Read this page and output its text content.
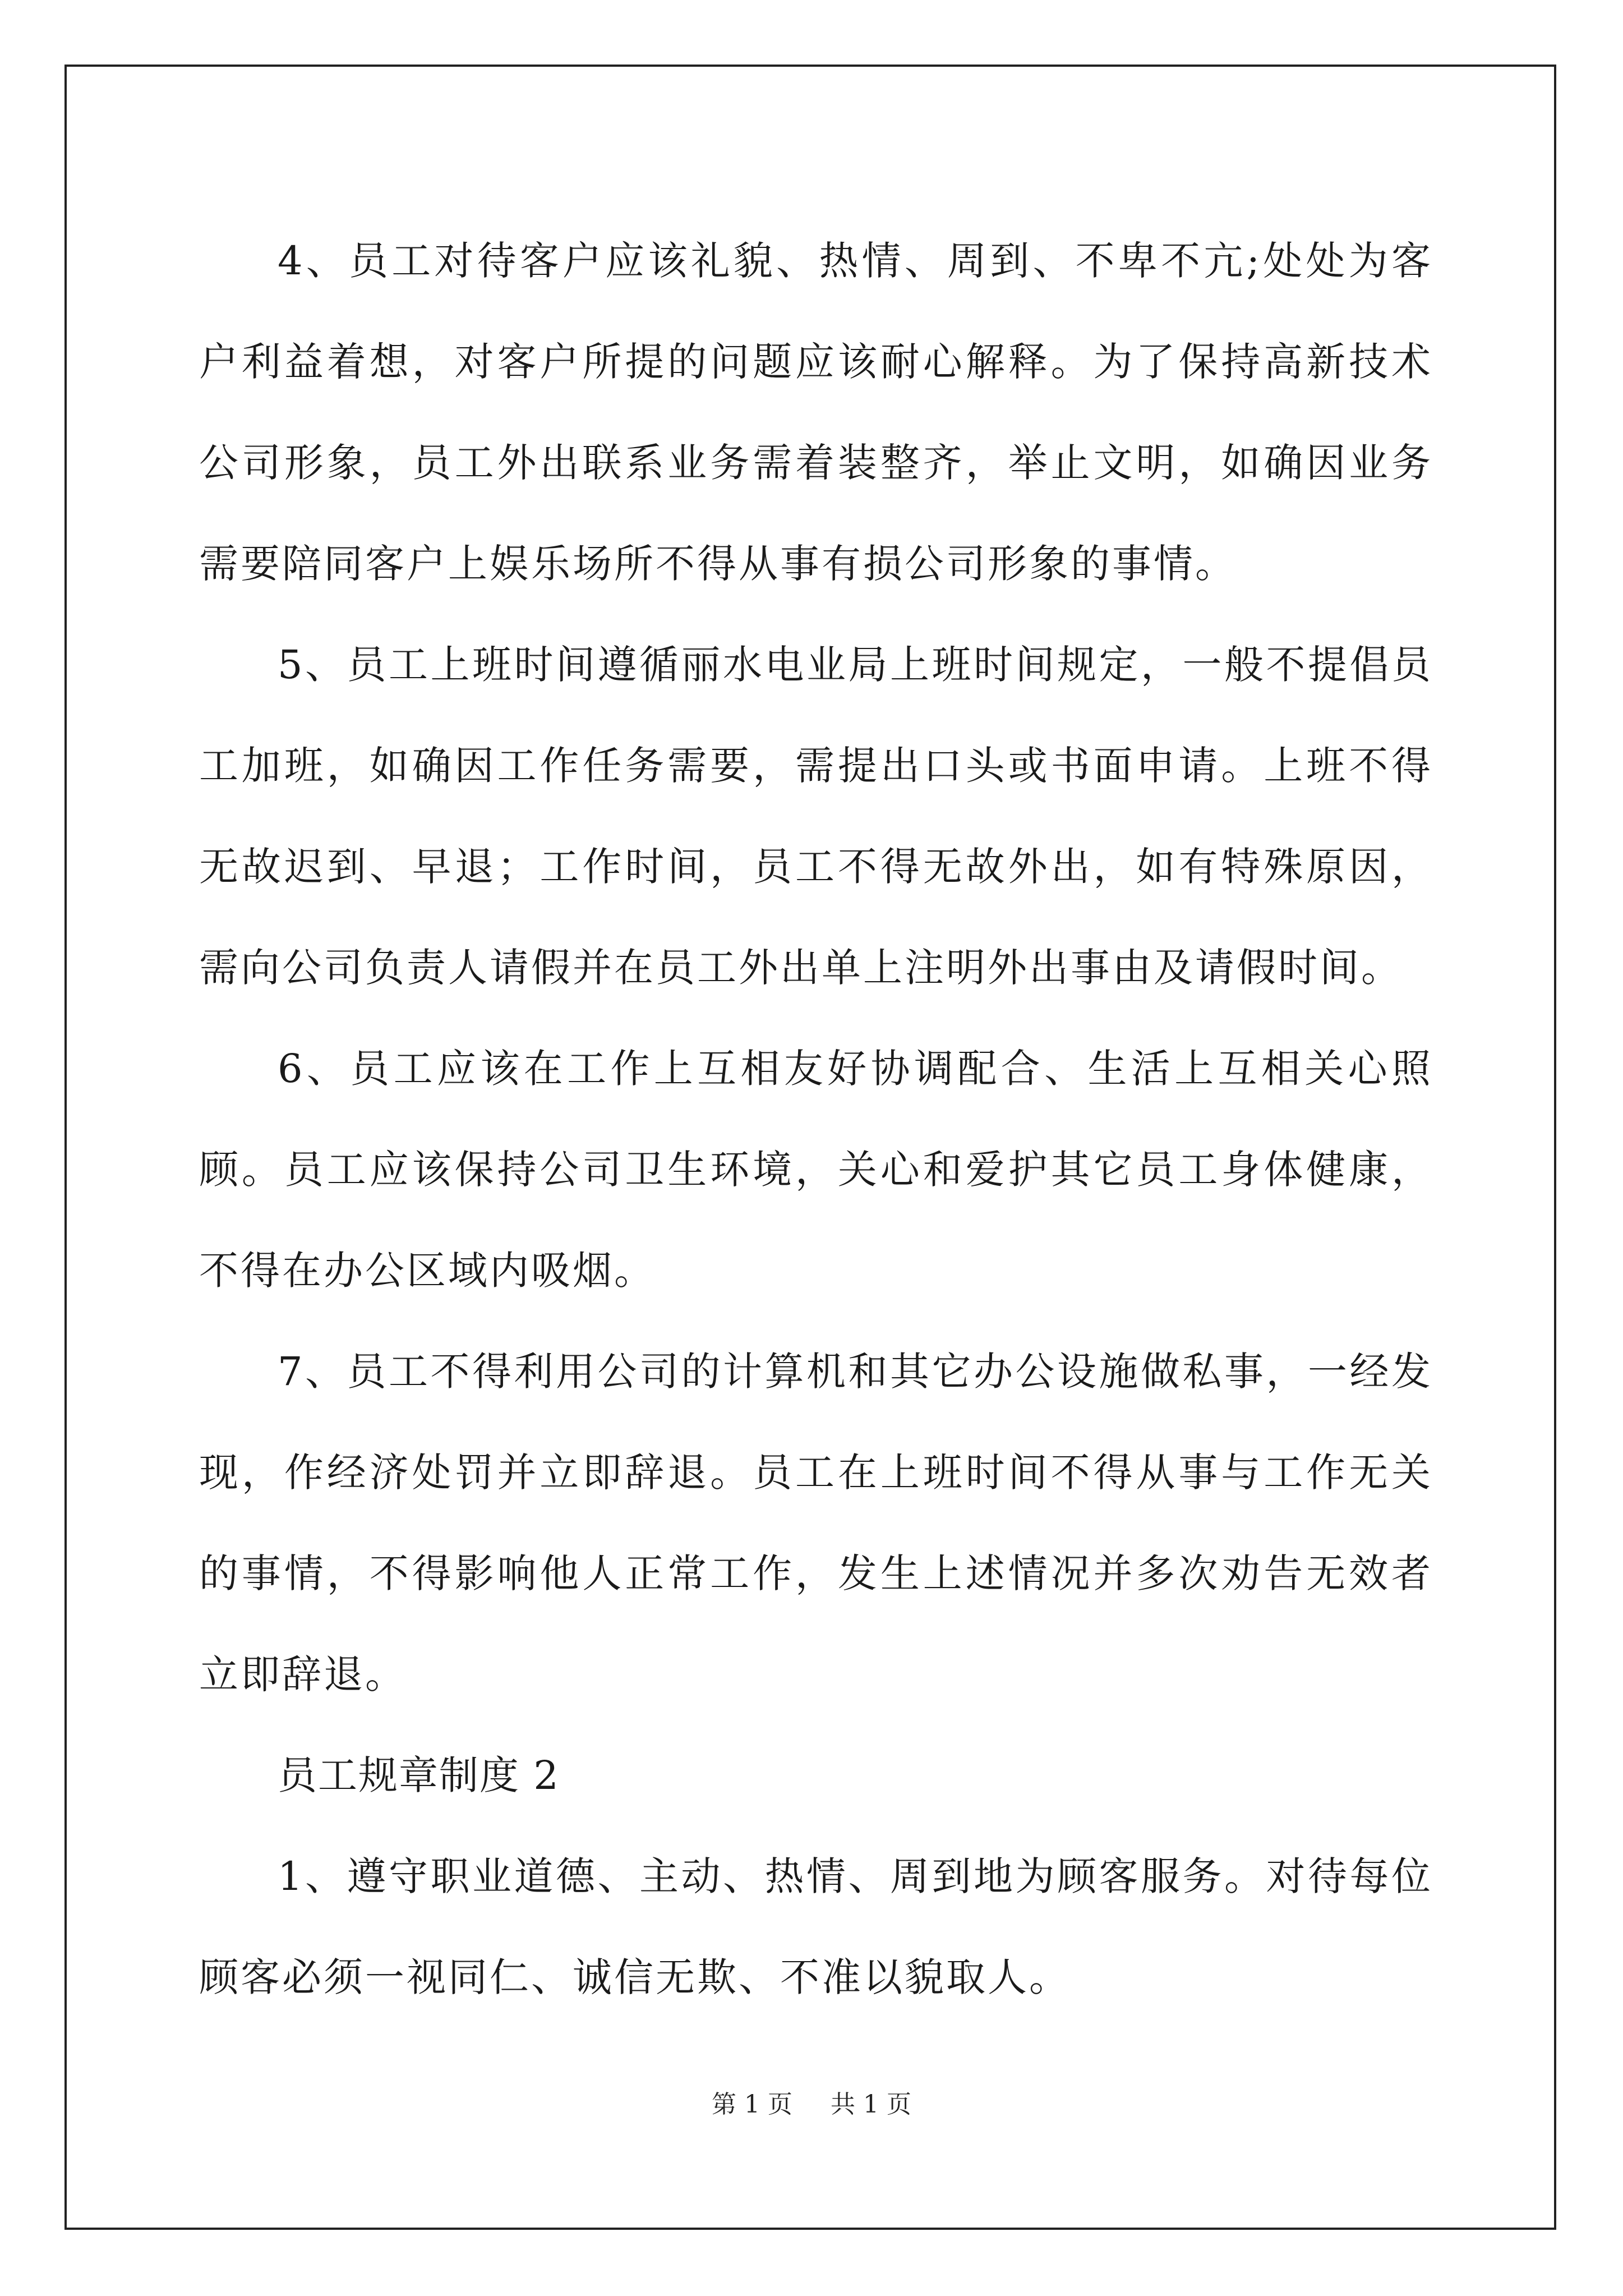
4、员工对待客户应该礼貌、热情、周到、不卑不亢;处处为客户利益着想，对客户所提的问题应该耐心解释。为了保持高新技术公司形象，员工外出联系业务需着装整齐，举止文明，如确因业务需要陪同客户上娱乐场所不得从事有损公司形象的事情。

5、员工上班时间遵循丽水电业局上班时间规定，一般不提倡员工加班，如确因工作任务需要，需提出口头或书面申请。上班不得无故迟到、早退；工作时间，员工不得无故外出，如有特殊原因，需向公司负责人请假并在员工外出单上注明外出事由及请假时间。

6、员工应该在工作上互相友好协调配合、生活上互相关心照顾。员工应该保持公司卫生环境，关心和爱护其它员工身体健康，不得在办公区域内吸烟。

7、员工不得利用公司的计算机和其它办公设施做私事，一经发现，作经济处罚并立即辞退。员工在上班时间不得从事与工作无关的事情，不得影响他人正常工作，发生上述情况并多次劝告无效者立即辞退。

员工规章制度 2

1、遵守职业道德、主动、热情、周到地为顾客服务。对待每位顾客必须一视同仁、诚信无欺、不准以貌取人。

第 1 页 共 1 页
